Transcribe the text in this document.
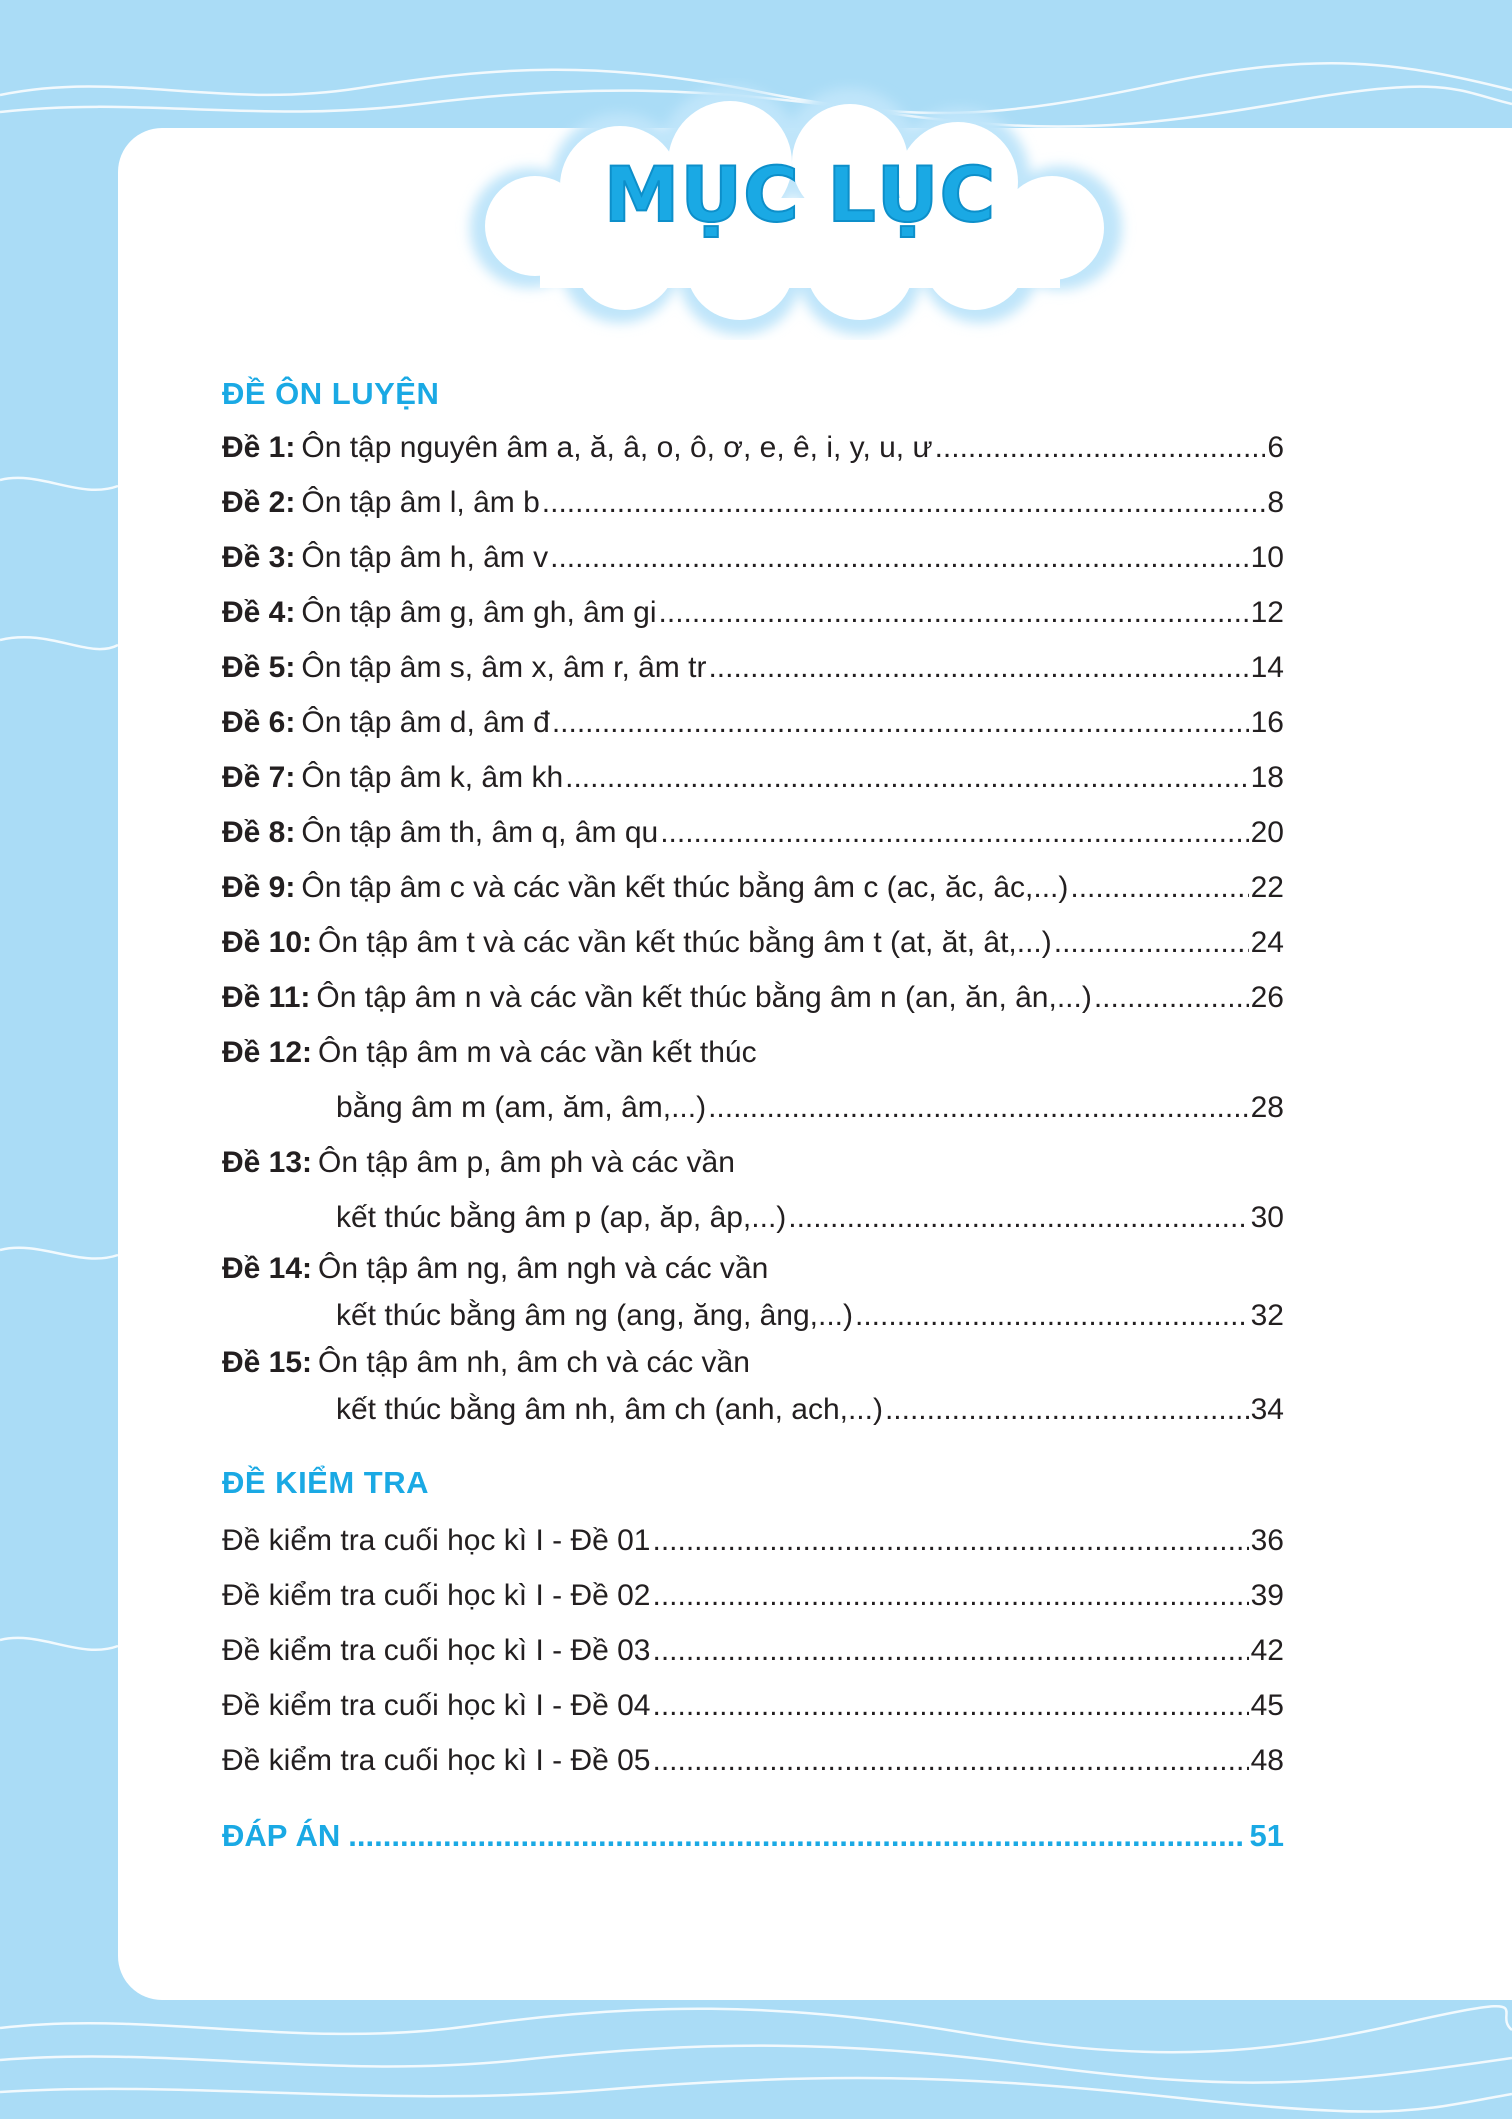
MỤC LỤC
ĐỀ ÔN LUYỆN
Đề 1: Ôn tập nguyên âm a, ă, â, o, ô, ơ, e, ê, i, y, u, ư .....	6
Đề 2: Ôn tập âm l, âm b .....	8
Đề 3: Ôn tập âm h, âm v .....	10
Đề 4: Ôn tập âm g, âm gh, âm gi .....	12
Đề 5: Ôn tập âm s, âm x, âm r, âm tr .....	14
Đề 6: Ôn tập âm d, âm đ .....	16
Đề 7: Ôn tập âm k, âm kh .....	18
Đề 8: Ôn tập âm th, âm q, âm qu .....	20
Đề 9: Ôn tập âm c và các vần kết thúc bằng âm c (ac, ăc, âc,...) .....	22
Đề 10: Ôn tập âm t và các vần kết thúc bằng âm t (at, ăt, ât,...) .....	24
Đề 11: Ôn tập âm n và các vần kết thúc bằng âm n (an, ăn, ân,...) .....	26
Đề 12: Ôn tập âm m và các vần kết thúc
bằng âm m (am, ăm, âm,...) .....	28
Đề 13: Ôn tập âm p, âm ph và các vần
kết thúc bằng âm p (ap, ăp, âp,...) .....	30
Đề 14: Ôn tập âm ng, âm ngh và các vần
kết thúc bằng âm ng (ang, ăng, âng,...) .....	32
Đề 15: Ôn tập âm nh, âm ch và các vần
kết thúc bằng âm nh, âm ch (anh, ach,...) .....	34
ĐỀ KIỂM TRA
Đề kiểm tra cuối học kì I - Đề 01 .....	36
Đề kiểm tra cuối học kì I - Đề 02 .....	39
Đề kiểm tra cuối học kì I - Đề 03 .....	42
Đề kiểm tra cuối học kì I - Đề 04 .....	45
Đề kiểm tra cuối học kì I - Đề 05 .....	48
ĐÁP ÁN .....	51
